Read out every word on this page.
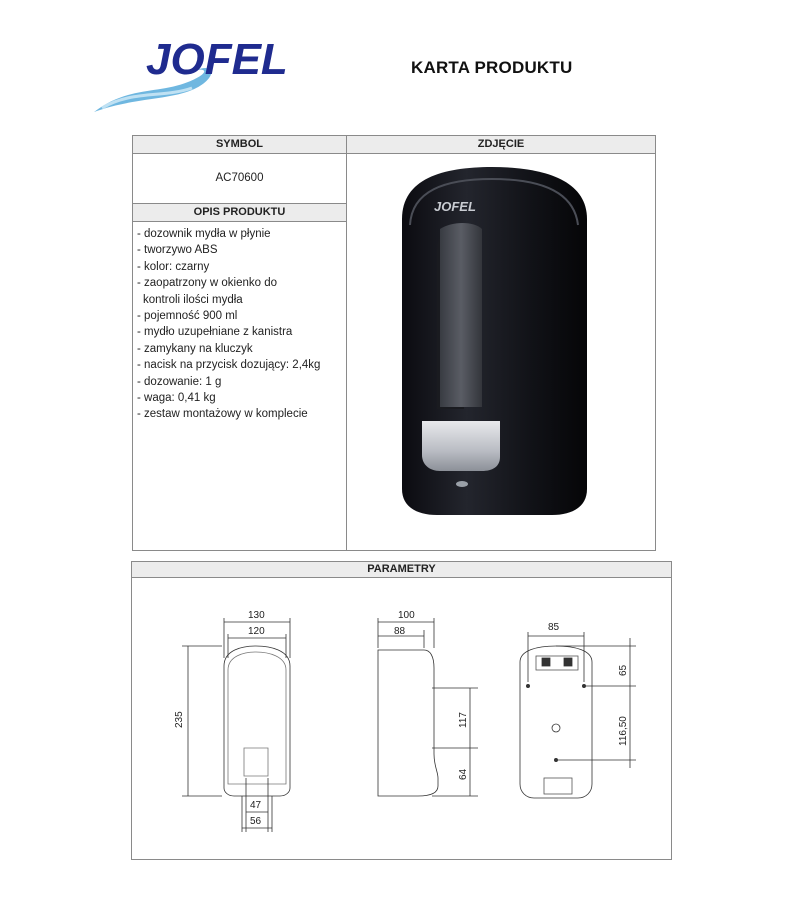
JOFEL	KARTA PRODUKTU
SYMBOL
AC70600
OPIS PRODUKTU
- dozownik mydła w płynie
- tworzywo ABS
- kolor: czarny
- zaopatrzony w okienko do
kontroli ilości mydła
- pojemność 900 ml
- mydło uzupełniane z kanistra
- zamykany na kluczyk
- nacisk na przycisk dozujący: 2,4kg
- dozowanie: 1 g
- waga: 0,41 kg
- zestaw montażowy w komplecie
ZDJĘCIE
JOFEL
PARAMETRY
130
120
235
47
56
100
88
117
64
85
65
116,50
